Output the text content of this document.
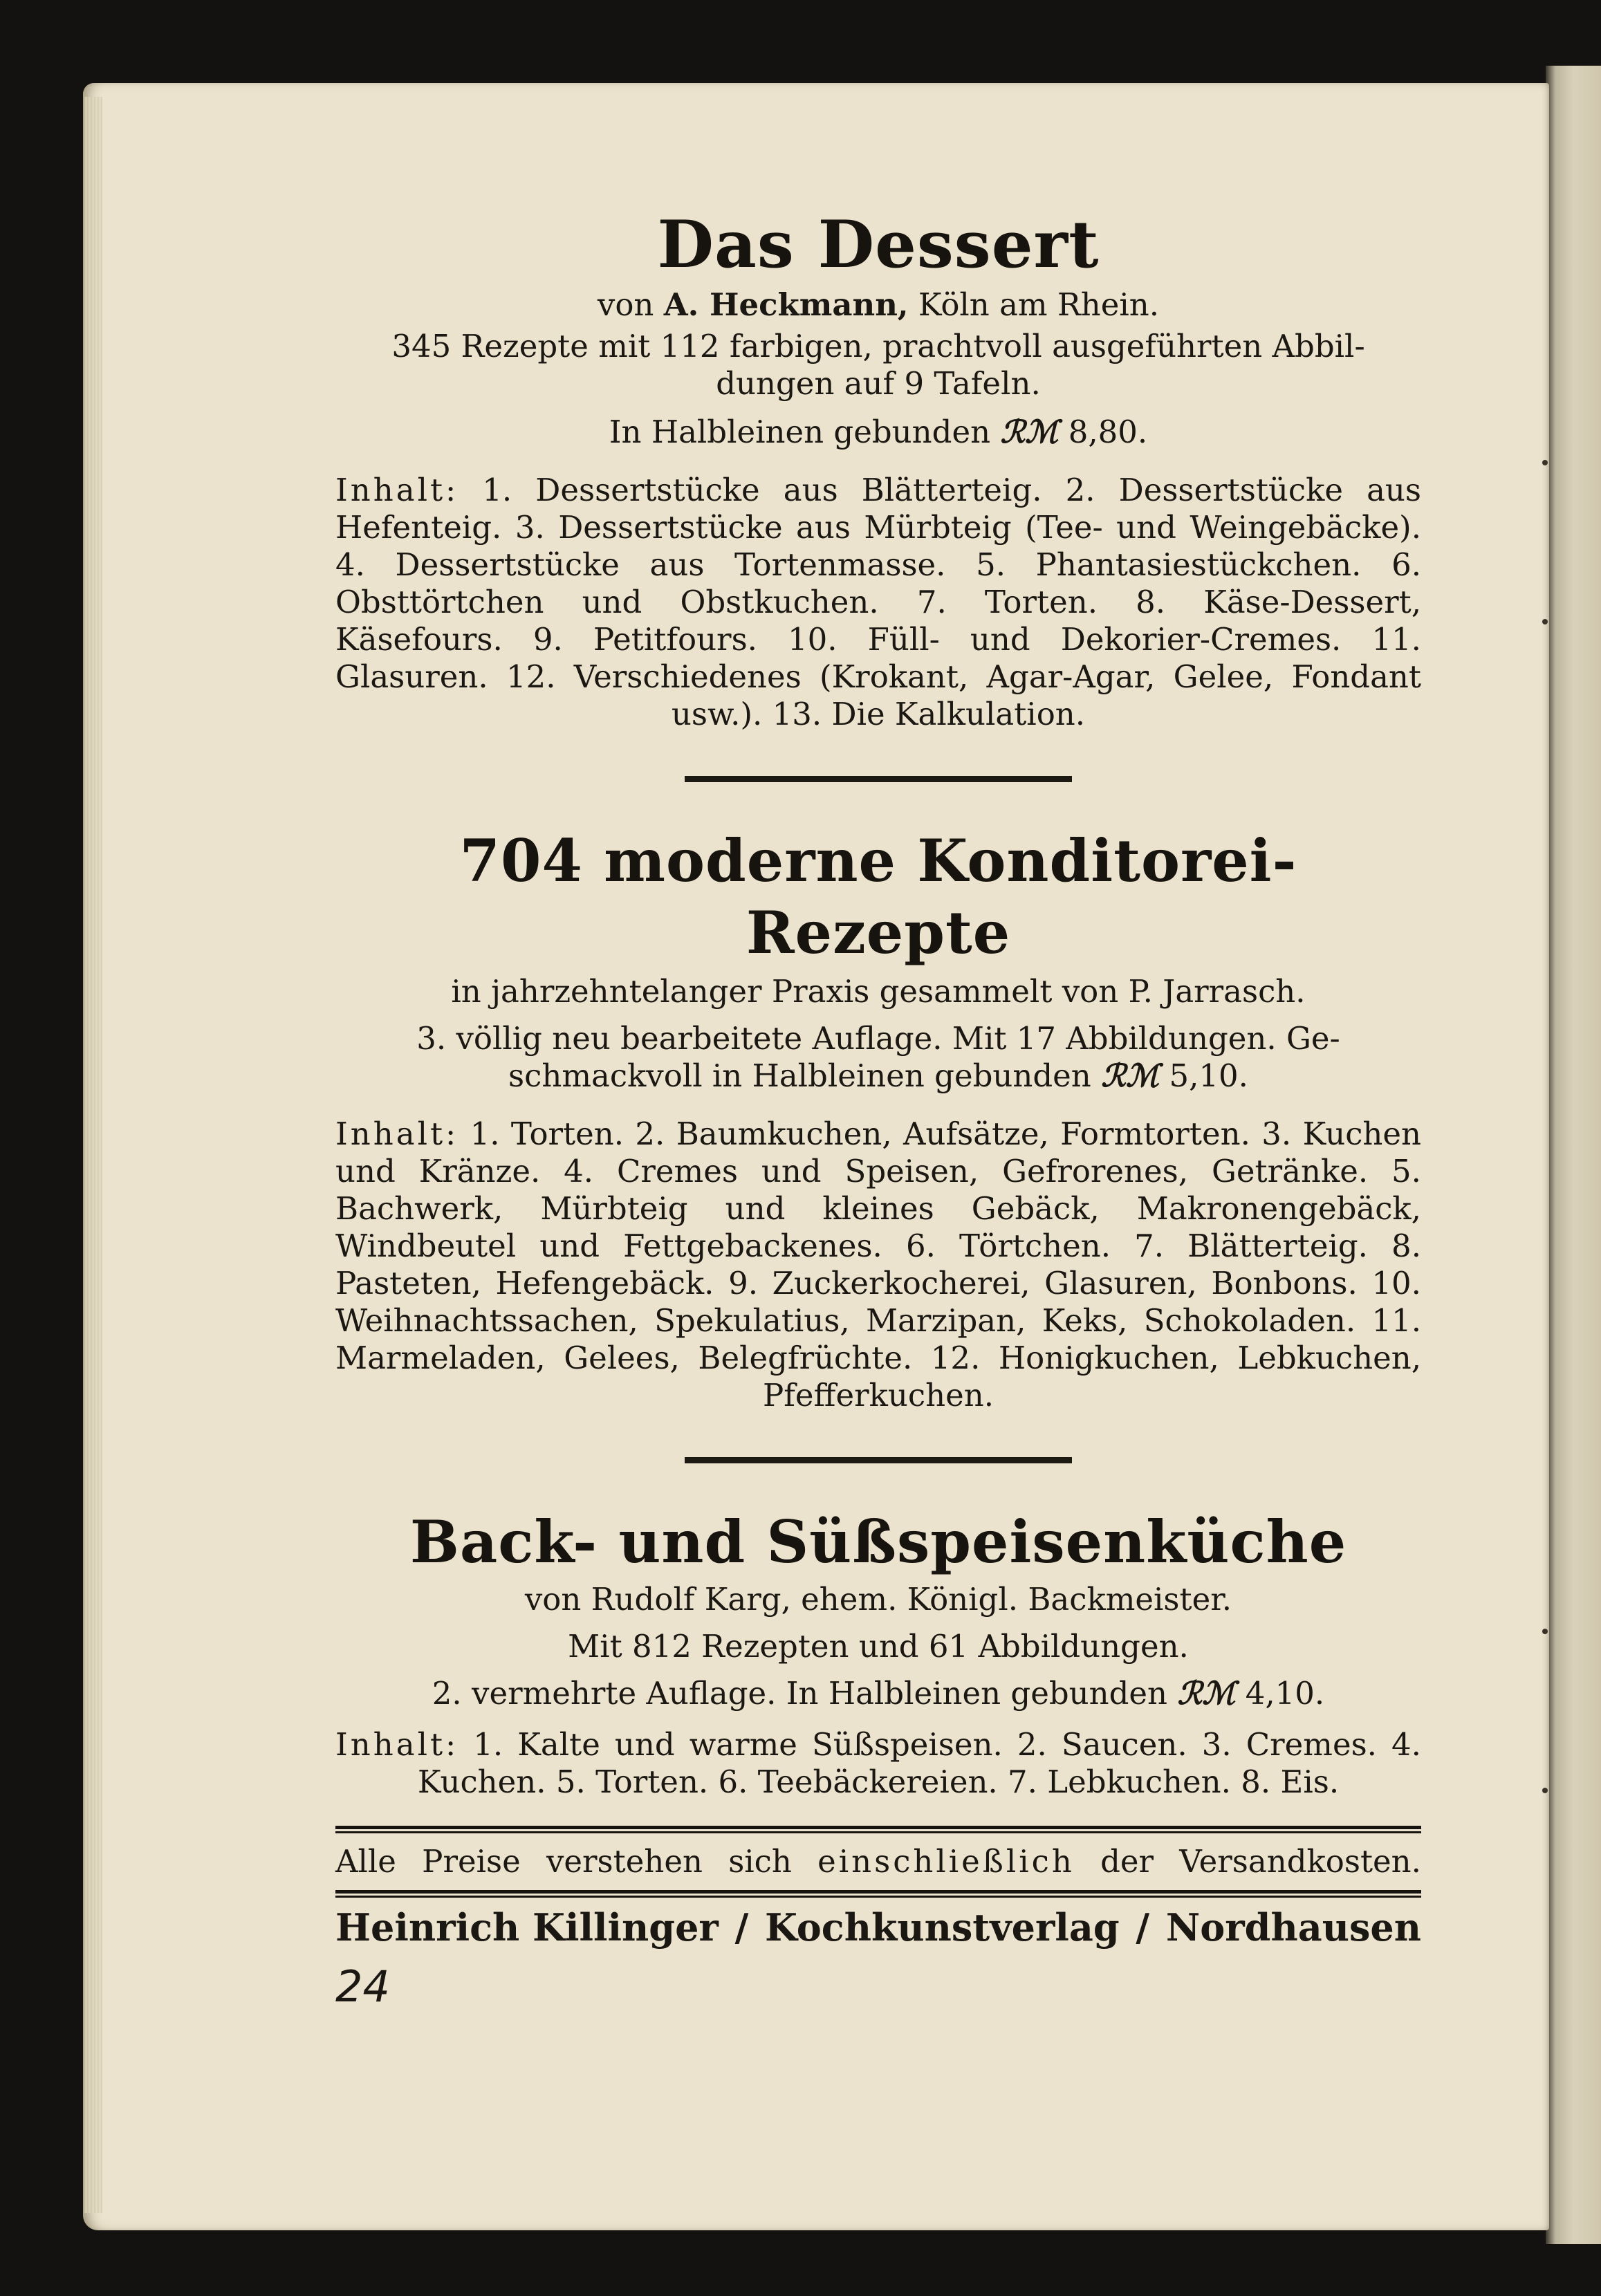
Das Dessert

von A. Heckmann, Köln am Rhein.

345 Rezepte mit 112 farbigen, prachtvoll ausgeführten Abbil-

dungen auf 9 Tafeln.

In Halbleinen gebunden ℛℳ 8,80.

Inhalt: 1. Dessertstücke aus Blätterteig. 2. Dessertstücke aus Hefenteig. 3. Dessertstücke aus Mürbteig (Tee- und Weingebäcke). 4. Dessertstücke aus Tortenmasse. 5. Phantasiestückchen. 6. Obsttörtchen und Obstkuchen. 7. Torten. 8. Käse-Dessert, Käsefours. 9. Petitfours. 10. Füll- und Dekorier-Cremes. 11. Glasuren. 12. Verschiedenes (Krokant, Agar-Agar, Gelee, Fondant usw.). 13. Die Kalkulation.

704 moderne Konditorei-Rezepte

in jahrzehntelanger Praxis gesammelt von P. Jarrasch.

3. völlig neu bearbeitete Auflage. Mit 17 Abbildungen. Ge-

schmackvoll in Halbleinen gebunden ℛℳ 5,10.

Inhalt: 1. Torten. 2. Baumkuchen, Aufsätze, Formtorten. 3. Kuchen und Kränze. 4. Cremes und Speisen, Gefrorenes, Getränke. 5. Bachwerk, Mürbteig und kleines Gebäck, Makronengebäck, Windbeutel und Fettgebackenes. 6. Törtchen. 7. Blätterteig. 8. Pasteten, Hefengebäck. 9. Zuckerkocherei, Glasuren, Bonbons. 10. Weihnachtssachen, Spekulatius, Marzipan, Keks, Schokoladen. 11. Marmeladen, Gelees, Belegfrüchte. 12. Honigkuchen, Lebkuchen, Pfefferkuchen.

Back- und Süßspeisenküche

von Rudolf Karg, ehem. Königl. Backmeister.

Mit 812 Rezepten und 61 Abbildungen.

2. vermehrte Auflage. In Halbleinen gebunden ℛℳ 4,10.

Inhalt: 1. Kalte und warme Süßspeisen. 2. Saucen. 3. Cremes. 4. Kuchen. 5. Torten. 6. Teebäckereien. 7. Lebkuchen. 8. Eis.

Alle Preise verstehen sich einschließlich der Versandkosten.
Heinrich Killinger / Kochkunstverlag / Nordhausen
24
